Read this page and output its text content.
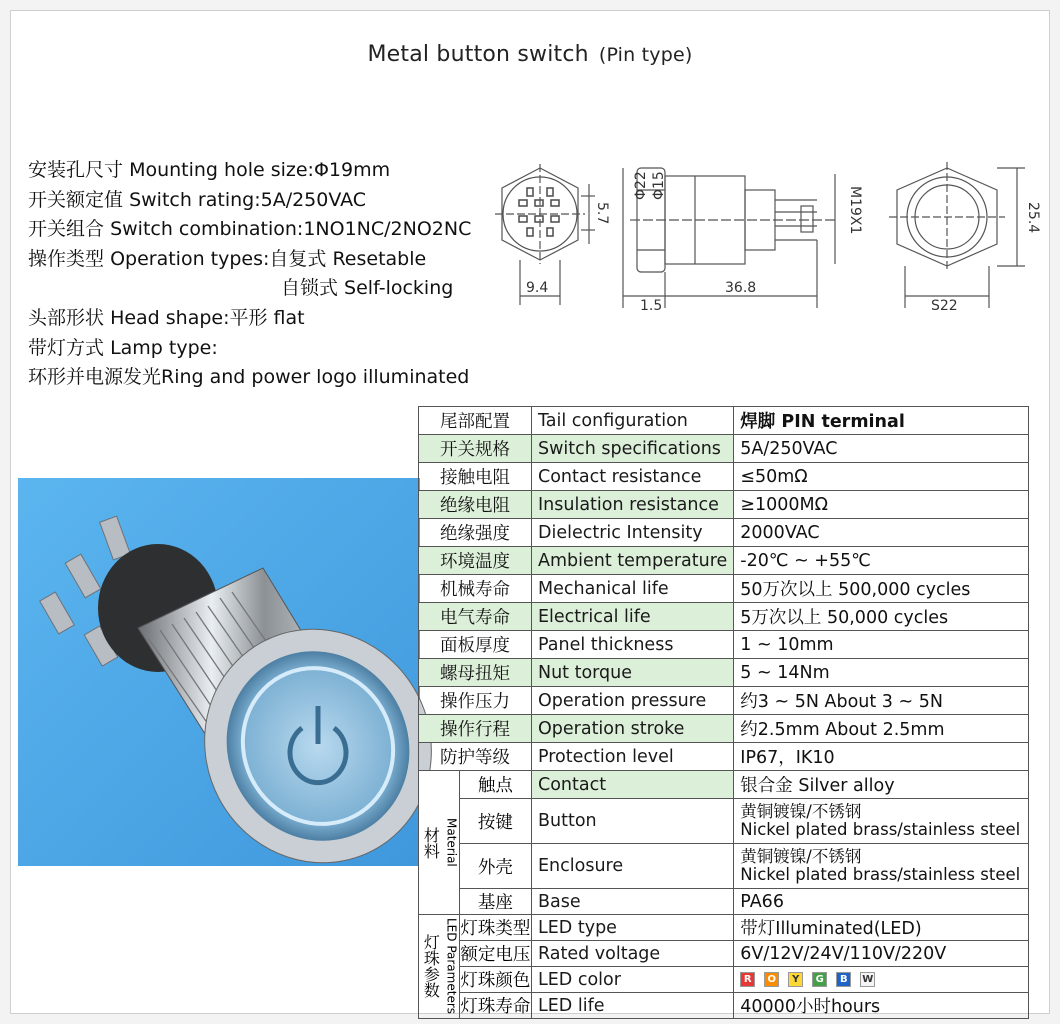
Metal button switch (Pin type)
安装孔尺寸 Mounting hole size:Φ19mm
开关额定值 Switch rating:5A/250VAC
开关组合 Switch combination:1NO1NC/2NO2NC
操作类型 Operation types:自复式 Resetable
自锁式 Self-locking
头部形状 Head shape:平形 flat
带灯方式 Lamp type:
环形并电源发光Ring and power logo illuminated
9.4
5.7
Φ22 Φ15
1.5
36.8
M19X1	25.4
S22
尾部配置		Tail configuration	焊脚 PIN terminal
开关规格		Switch specifications	5A/250VAC
接触电阻		Contact resistance	≤50mΩ
绝缘电阻		Insulation resistance	≥1000MΩ
绝缘强度		Dielectric Intensity	2000VAC
环境温度		Ambient temperature	-20℃ ~ +55℃
机械寿命		Mechanical life	50万次以上 500,000 cycles
电气寿命		Electrical life	5万次以上 50,000 cycles
面板厚度		Panel thickness	1 ~ 10mm
螺母扭矩		Nut torque	5 ~ 14Nm
操作压力		Operation pressure	约3 ~ 5N About 3 ~ 5N
操作行程		Operation stroke	约2.5mm About 2.5mm
防护等级		Protection level	IP67，IK10

材料 Material	触点	Contact	银合金 Silver alloy
	按键	Button	黄铜镀镍/不锈钢
Nickel plated brass/stainless steel

	外壳	Enclosure	黄铜镀镍/不锈钢
Nickel plated brass/stainless steel

	基座	Base	PA66

灯珠参数 LED Parameters	灯珠类型	LED type	带灯Illuminated(LED)
	额定电压	Rated voltage	6V/12V/24V/110V/220V
	灯珠颜色	LED color	R O Y G B W
	灯珠寿命	LED life	40000小时hours
